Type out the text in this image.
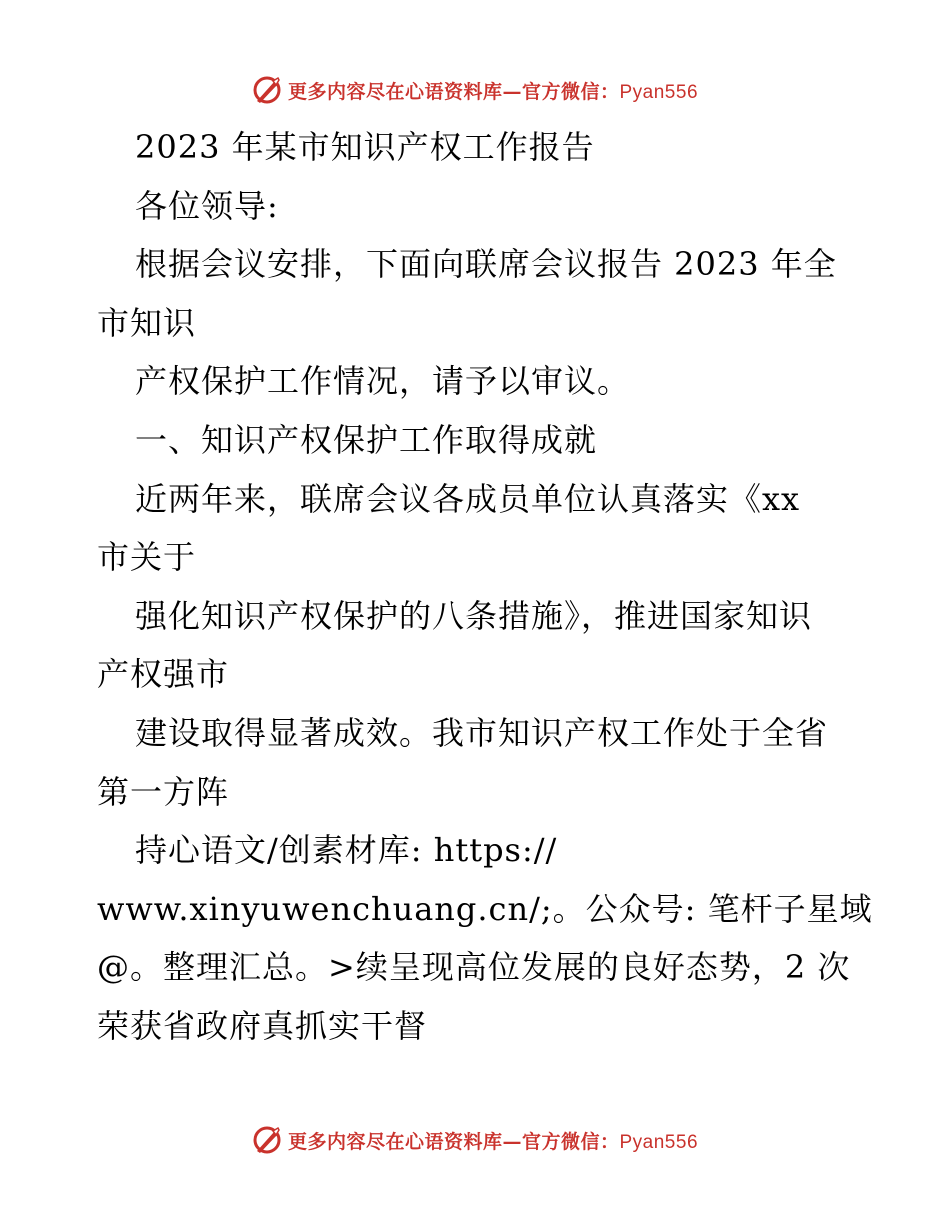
更多内容尽在心语资料库—官方微信：Pyan556
2023 年某市知识产权工作报告
各位领导:
根据会议安排，下面向联席会议报告 2023 年全
市知识
产权保护工作情况，请予以审议。
一、知识产权保护工作取得成就
近两年来，联席会议各成员单位认真落实《xx
市关于
强化知识产权保护的八条措施》，推进国家知识
产权强市
建设取得显著成效。我市知识产权工作处于全省
第一方阵
持心语文/创素材库: https://
www.xinyuwenchuang.cn/;。公众号: 笔杆子星域
@。整理汇总。>续呈现高位发展的良好态势，2 次
荣获省政府真抓实干督
更多内容尽在心语资料库—官方微信：Pyan556
